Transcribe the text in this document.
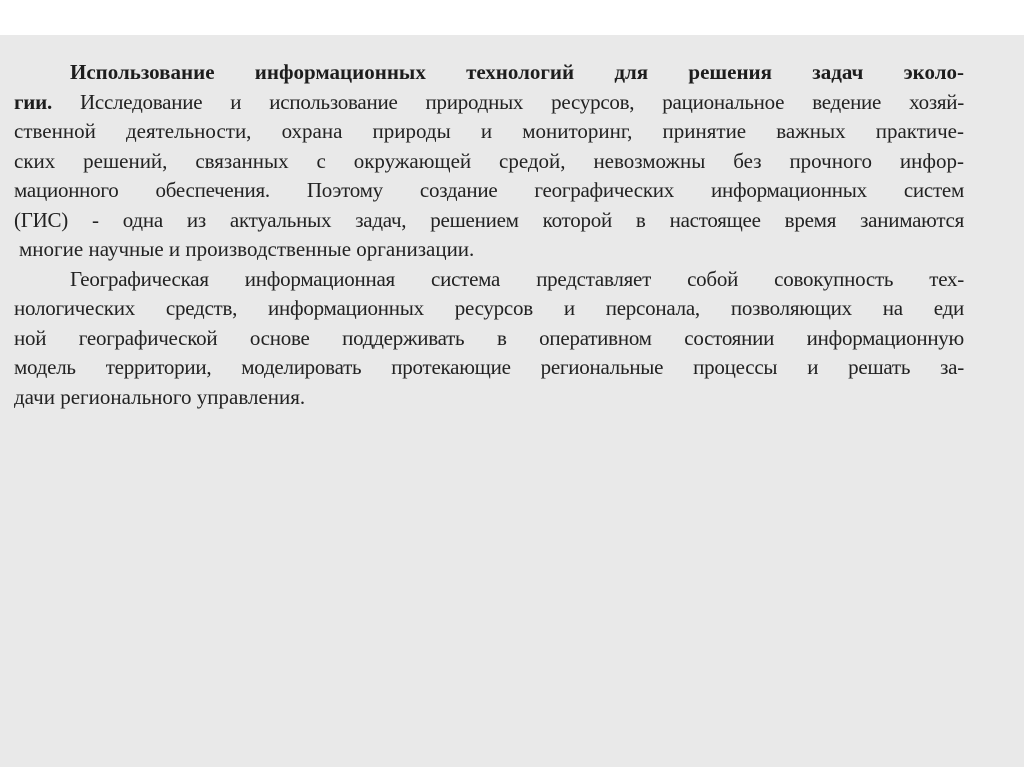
Использование информационных технологий для решения задач эколо-
гии. Исследование и использование природных ресурсов, рациональное ведение хозяй-
ственной деятельности, охрана природы и мониторинг, принятие важных практиче-
ских решений, связанных с окружающей средой, невозможны без прочного инфор-
мационного обеспечения. Поэтому создание географических информационных систем
(ГИС) - одна из актуальных задач, решением которой в настоящее время занимаются
многие научные и производственные организации.
Географическая информационная система представляет собой совокупность тех-
нологических средств, информационных ресурсов и персонала, позволяющих на еди
ной географической основе поддерживать в оперативном состоянии информационную
модель территории, моделировать протекающие региональные процессы и решать за-
дачи регионального управления.
